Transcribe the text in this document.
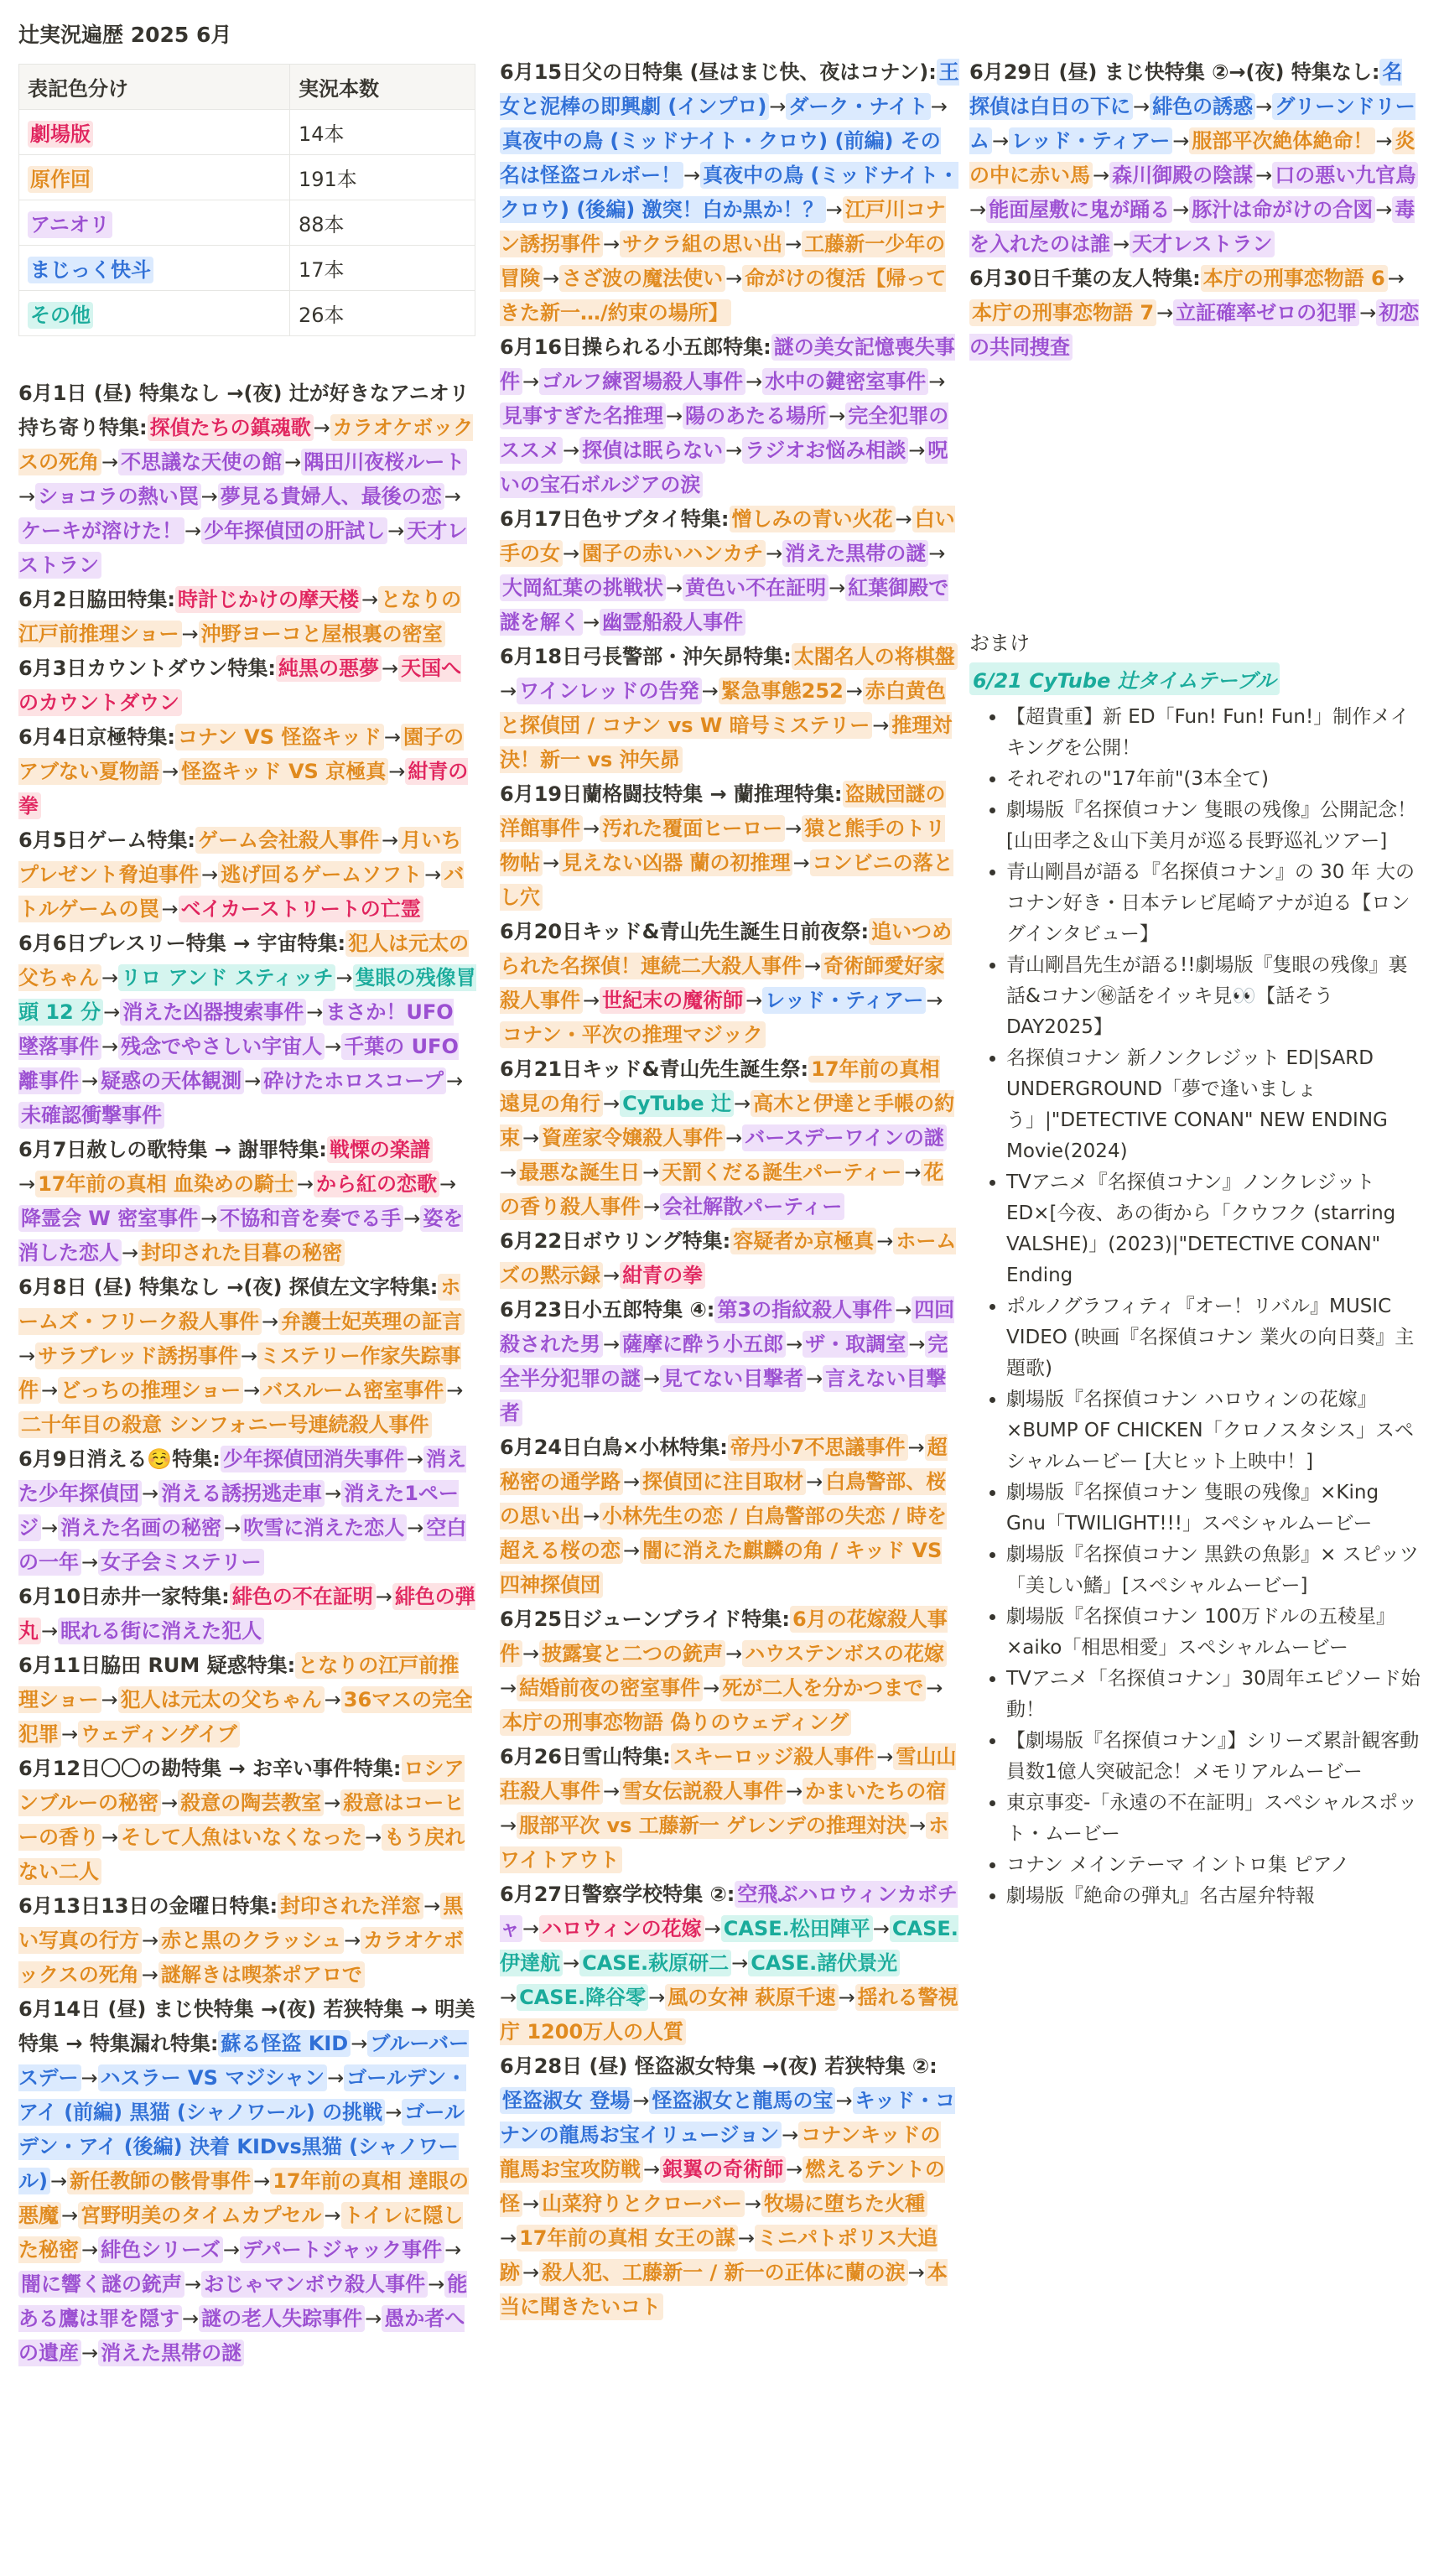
辻実況遍歴 2025 6月
表記色分け	実況本数
劇場版	14本
原作回	191本
アニオリ	88本
まじっく快斗	17本
その他	26本

6月1日 (昼) 特集なし →(夜) 辻が好きなアニオリ持ち寄り特集: 探偵たちの鎮魂歌 → カラオケボックスの死角 → 不思議な天使の館 → 隅田川夜桜ルート→ ショコラの熱い罠 → 夢見る貴婦人、最後の恋 →ケーキが溶けた！ → 少年探偵団の肝試し → 天才レストラン

6月2日脇田特集: 時計じかけの摩天楼 → となりの江戸前推理ショー → 沖野ヨーコと屋根裏の密室

6月3日カウントダウン特集: 純黒の悪夢 → 天国へのカウントダウン

6月4日京極特集: コナン VS 怪盗キッド → 園子のアブない夏物語 → 怪盗キッド VS 京極真 → 紺青の拳

6月5日ゲーム特集: ゲーム会社殺人事件 → 月いちプレゼント脅迫事件 → 逃げ回るゲームソフト → バトルゲームの罠 → ベイカーストリートの亡霊

6月6日プレスリー特集 → 宇宙特集: 犯人は元太の父ちゃん → リロ アンド スティッチ → 隻眼の残像冒頭 12 分 → 消えた凶器捜索事件 → まさか！UFO 墜落事件 → 残念でやさしい宇宙人 → 千葉の UFO 離事件 → 疑惑の天体観測 → 砕けたホロスコープ →未確認衝撃事件

6月7日赦しの歌特集 → 謝罪特集: 戦慄の楽譜→ 17年前の真相 血染めの騎士 → から紅の恋歌 →降霊会 W 密室事件 → 不協和音を奏でる手 → 姿を消した恋人 → 封印された目暮の秘密

6月8日 (昼) 特集なし →(夜) 探偵左文字特集: ホームズ・フリーク殺人事件 → 弁護士妃英理の証言→ サラブレッド誘拐事件 → ミステリー作家失踪事件 → どっちの推理ショー → バスルーム密室事件 →二十年目の殺意 シンフォニー号連続殺人事件

6月9日消える☺️特集: 少年探偵団消失事件 → 消えた少年探偵団 → 消える誘拐逃走車 → 消えた1ページ → 消えた名画の秘密 → 吹雪に消えた恋人 → 空白の一年 → 女子会ミステリー

6月10日赤井一家特集: 緋色の不在証明 → 緋色の弾丸 → 眠れる街に消えた犯人

6月11日脇田 RUM 疑惑特集: となりの江戸前推理ショー → 犯人は元太の父ちゃん → 36マスの完全犯罪 → ウェディングイブ

6月12日〇〇の勘特集 → お辛い事件特集: ロシアンブルーの秘密 → 殺意の陶芸教室 → 殺意はコーヒーの香り → そして人魚はいなくなった → もう戻れない二人

6月13日13日の金曜日特集: 封印された洋窓 → 黒い写真の行方 → 赤と黒のクラッシュ → カラオケボックスの死角 → 謎解きは喫茶ポアロで

6月14日 (昼) まじ快特集 →(夜) 若狭特集 → 明美特集 → 特集漏れ特集: 蘇る怪盗 KID → ブルーバースデー → ハスラー VS マジシャン → ゴールデン・アイ (前編) 黒猫 (シャノワール) の挑戦 → ゴールデン・アイ (後編) 決着 KIDvs黒猫 (シャノワール) → 新任教師の骸骨事件 → 17年前の真相 達眼の悪魔 → 宮野明美のタイムカプセル → トイレに隠した秘密 → 緋色シリーズ → デパートジャック事件 →闇に響く謎の銃声 → おじゃマンボウ殺人事件 → 能ある鷹は罪を隠す → 謎の老人失踪事件 → 愚か者への遺産 → 消えた黒帯の謎

6月15日父の日特集 (昼はまじ快、夜はコナン): 王女と泥棒の即興劇 (インプロ) → ダーク・ナイト →真夜中の鳥 (ミッドナイト・クロウ) (前編) その名は怪盗コルボー！ → 真夜中の鳥 (ミッドナイト・クロウ) (後編) 激突！白か黒か！？ → 江戸川コナン誘拐事件 → サクラ組の思い出 → 工藤新一少年の冒険 → さざ波の魔法使い → 命がけの復活【帰ってきた新一…/約束の場所】

6月16日操られる小五郎特集: 謎の美女記憶喪失事件 → ゴルフ練習場殺人事件 → 水中の鍵密室事件 →見事すぎた名推理 → 陽のあたる場所 → 完全犯罪のススメ → 探偵は眠らない → ラジオお悩み相談 → 呪いの宝石ボルジアの涙

6月17日色サブタイ特集: 憎しみの青い火花 → 白い手の女 → 園子の赤いハンカチ → 消えた黒帯の謎 →大岡紅葉の挑戦状 → 黄色い不在証明 → 紅葉御殿で謎を解く → 幽霊船殺人事件

6月18日弓長警部・沖矢昴特集: 太閤名人の将棋盤→ ワインレッドの告発 → 緊急事態252 → 赤白黄色と探偵団 / コナン vs W 暗号ミステリー → 推理対決！新一 vs 沖矢昴

6月19日蘭格闘技特集 → 蘭推理特集: 盗賊団謎の洋館事件 → 汚れた覆面ヒーロー → 猿と熊手のトリ物帖 → 見えない凶器 蘭の初推理 → コンビニの落とし穴

6月20日キッド&青山先生誕生日前夜祭: 追いつめられた名探偵！連続二大殺人事件 → 奇術師愛好家殺人事件 → 世紀末の魔術師 → レッド・ティアー →コナン・平次の推理マジック

6月21日キッド&青山先生誕生祭: 17年前の真相 遠見の角行 → CyTube 辻 → 高木と伊達と手帳の約束 → 資産家令嬢殺人事件 → バースデーワインの謎→ 最悪な誕生日 → 天罰くだる誕生パーティー → 花の香り殺人事件 → 会社解散パーティー

6月22日ボウリング特集: 容疑者か京極真 → ホームズの黙示録 → 紺青の拳

6月23日小五郎特集 ④: 第3の指紋殺人事件 → 四回殺された男 → 薩摩に酔う小五郎 → ザ・取調室 → 完全半分犯罪の謎 → 見てない目撃者 → 言えない目撃者

6月24日白鳥×小林特集: 帝丹小7不思議事件 → 超秘密の通学路 → 探偵団に注目取材 → 白鳥警部、桜の思い出 → 小林先生の恋 / 白鳥警部の失恋 / 時を超える桜の恋 → 闇に消えた麒麟の角 / キッド VS 四神探偵団

6月25日ジューンブライド特集: 6月の花嫁殺人事件 → 披露宴と二つの銃声 → ハウステンボスの花嫁→ 結婚前夜の密室事件 → 死が二人を分かつまで →本庁の刑事恋物語 偽りのウェディング

6月26日雪山特集: スキーロッジ殺人事件 → 雪山山荘殺人事件 → 雪女伝説殺人事件 → かまいたちの宿→ 服部平次 vs 工藤新一 ゲレンデの推理対決 → ホワイトアウト

6月27日警察学校特集 ②: 空飛ぶハロウィンカボチャ → ハロウィンの花嫁 → CASE.松田陣平 → CASE.伊達航 → CASE.萩原研二 → CASE.諸伏景光→ CASE.降谷零 → 風の女神 萩原千速 → 揺れる警視庁 1200万人の人質

6月28日 (昼) 怪盗淑女特集 →(夜) 若狭特集 ②:怪盗淑女 登場 → 怪盗淑女と龍馬の宝 → キッド・コナンの龍馬お宝イリュージョン → コナンキッドの龍馬お宝攻防戦 → 銀翼の奇術師 → 燃えるテントの怪 → 山菜狩りとクローバー → 牧場に堕ちた火種→ 17年前の真相 女王の謀 → ミニパトポリス大追跡 → 殺人犯、工藤新一 / 新一の正体に蘭の涙 → 本当に聞きたいコト

6月29日 (昼) まじ快特集 ②→(夜) 特集なし: 名探偵は白日の下に → 緋色の誘惑 → グリーンドリーム → レッド・ティアー → 服部平次絶体絶命！ → 炎の中に赤い馬 → 森川御殿の陰謀 → 口の悪い九官鳥→ 能面屋敷に鬼が踊る → 豚汁は命がけの合図 → 毒を入れたのは誰 → 天才レストラン

6月30日千葉の友人特集: 本庁の刑事恋物語 6 →本庁の刑事恋物語 7 → 立証確率ゼロの犯罪 → 初恋の共同捜査

おまけ
6/21 CyTube 辻タイムテーブル
• 【超貴重】新 ED「Fun! Fun! Fun!」制作メイキングを公開！
• それぞれの"17年前"(3本全て)
• 劇場版『名探偵コナン 隻眼の残像』公開記念！[山田孝之＆山下美月が巡る長野巡礼ツアー]
• 青山剛昌が語る『名探偵コナン』の 30 年 大のコナン好き・日本テレビ尾崎アナが迫る【ロングインタビュー】
• 青山剛昌先生が語る!!劇場版『隻眼の残像』裏話&コナン㊙話をイッキ見👀【話そう DAY2025】
• 名探偵コナン 新ノンクレジット ED|SARD UNDERGROUND「夢で逢いましょう」|"DETECTIVE CONAN" NEW ENDING Movie(2024)
• TVアニメ『名探偵コナン』ノンクレジット ED×[今夜、あの街から「クウフク (starring VALSHE)」(2023)|"DETECTIVE CONAN" Ending
• ポルノグラフィティ『オー！リバル』MUSIC VIDEO (映画『名探偵コナン 業火の向日葵』主題歌)
• 劇場版『名探偵コナン ハロウィンの花嫁』×BUMP OF CHICKEN「クロノスタシス」スペシャルムービー [大ヒット上映中！]
• 劇場版『名探偵コナン 隻眼の残像』×King Gnu「TWILIGHT!!!」スペシャルムービー
• 劇場版『名探偵コナン 黒鉄の魚影』× スピッツ「美しい鰭」[スペシャルムービー]
• 劇場版『名探偵コナン 100万ドルの五稜星』×aiko「相思相愛」スペシャルムービー
• TVアニメ「名探偵コナン」30周年エピソード始動！
• 【劇場版『名探偵コナン』】シリーズ累計観客動員数1億人突破記念！メモリアルムービー
• 東京事変-「永遠の不在証明」スペシャルスポット・ムービー
• コナン メインテーマ イントロ集 ピアノ
• 劇場版『絶命の弾丸』名古屋弁特報
